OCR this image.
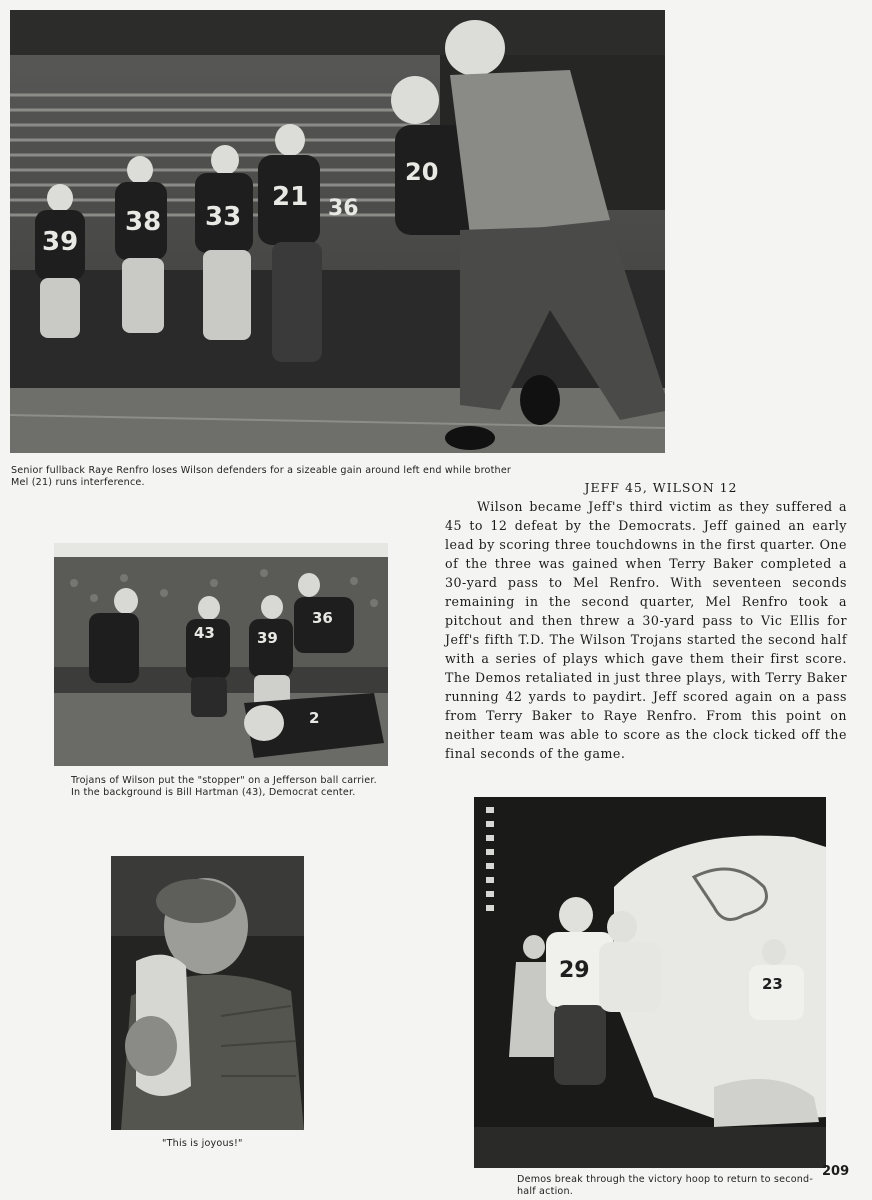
39
38 33
21 36
20
Senior fullback Raye Renfro loses Wilson defenders for a sizeable gain around left end while brother Mel (21) runs interference.
43	39
36
2
Trojans of Wilson put the "stopper" on a Jefferson ball carrier. In the background is Bill Hartman (43), Democrat center.
JEFF 45, WILSON 12

Wilson became Jeff's third victim as they suffered a 45 to 12 defeat by the Democrats. Jeff gained an early lead by scoring three touchdowns in the first quarter. One of the three was gained when Terry Baker completed a 30-yard pass to Mel Renfro. With seventeen seconds remaining in the second quarter, Mel Renfro took a pitchout and then threw a 30-yard pass to Vic Ellis for Jeff's fifth T.D. The Wilson Trojans started the second half with a series of plays which gave them their first score. The Demos retaliated in just three plays, with Terry Baker running 42 yards to paydirt. Jeff scored again on a pass from Terry Baker to Raye Renfro. From this point on neither team was able to score as the clock ticked off the final seconds of the game.

"This is joyous!"
29
23
Demos break through the victory hoop to return to second-half action.
209
